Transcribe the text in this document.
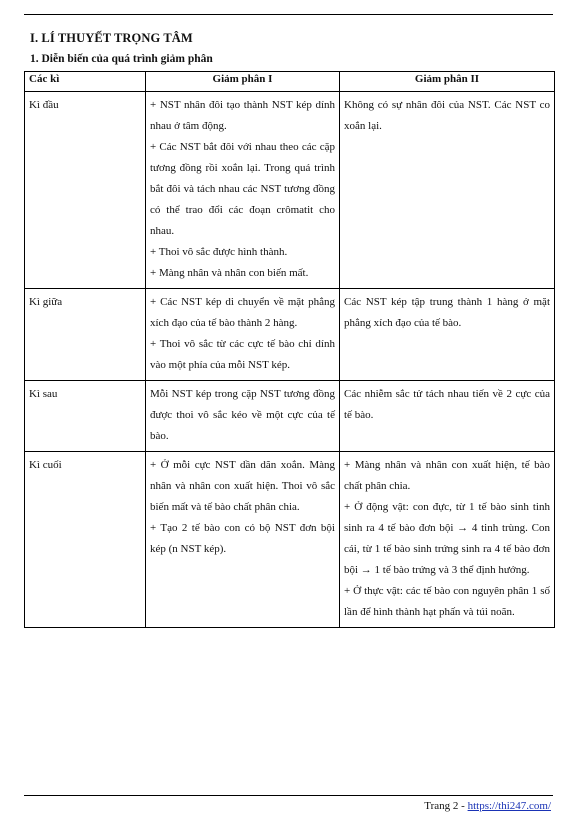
I. LÍ THUYẾT TRỌNG TÂM
1. Diễn biến của quá trình giảm phân
Các kì	Giảm phân I	Giảm phân II
Kì đầu	+ NST nhân đôi tạo thành NST kép dính nhau ở tâm động.
+ Các NST bắt đôi với nhau theo các cặp tương đồng rồi xoắn lại. Trong quá trình bắt đôi và tách nhau các NST tương đồng có thể trao đổi các đoạn crômatit cho nhau.
+ Thoi vô sắc được hình thành.
+ Màng nhân và nhân con biến mất.	Không có sự nhân đôi của NST. Các NST co xoắn lại.

Kì giữa	+ Các NST kép di chuyển về mặt phẳng xích đạo của tế bào thành 2 hàng.
+ Thoi vô sắc từ các cực tế bào chỉ dính vào một phía của mỗi NST kép.	Các NST kép tập trung thành 1 hàng ở mặt phẳng xích đạo của tế bào.

Kì sau	Mỗi NST kép trong cặp NST tương đồng được thoi vô sắc kéo về một cực của tế bào.	Các nhiễm sắc tử tách nhau tiến về 2 cực của tế bào.

Kì cuối	+ Ở mỗi cực NST dần dãn xoắn. Màng nhân và nhân con xuất hiện. Thoi vô sắc biến mất và tế bào chất phân chia.
+ Tạo 2 tế bào con có bộ NST đơn bội kép (n NST kép).	+ Màng nhân và nhân con xuất hiện, tế bào chất phân chia.
+ Ở động vật: con đực, từ 1 tế bào sinh tinh sinh ra 4 tế bào đơn bội → 4 tinh trùng. Con cái, từ 1 tế bào sinh trứng sinh ra 4 tế bào đơn bội → 1 tế bào trứng và 3 thể định hướng.
+ Ở thực vật: các tế bào con nguyên phân 1 số lần để hình thành hạt phấn và túi noãn.
Trang 2 - https://thi247.com/
